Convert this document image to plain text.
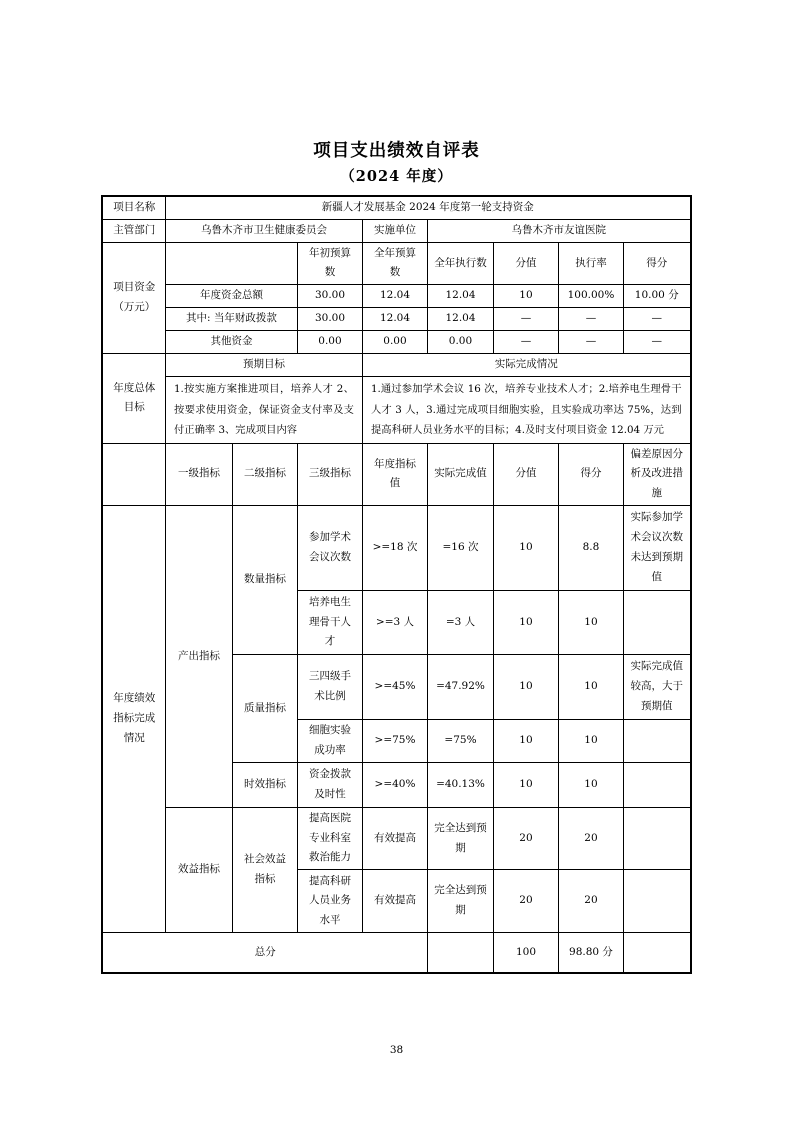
项目支出绩效自评表
（2024 年度）
项目名称	新疆人才发展基金 2024 年度第一轮支持资金							
主管部门	乌鲁木齐市卫生健康委员会			实施单位	乌鲁木齐市友谊医院			
项目资金（万元）			年初预算数	全年预算数	全年执行数	分值	执行率	得分
	年度资金总额		30.00	12.04	12.04	10	100.00%	10.00 分
	其中: 当年财政拨款		30.00	12.04	12.04	—	—	—
	其他资金		0.00	0.00	0.00	—	—	—
年度总体目标	预期目标			实际完成情况				
	1.按实施方案推进项目，培养人才 2、按要求使用资金，保证资金支付率及支付正确率 3、完成项目内容			1.通过参加学术会议 16 次，培养专业技术人才；2.培养电生理骨干人才 3 人，3.通过完成项目细胞实验，且实验成功率达 75%，达到提高科研人员业务水平的目标；4.及时支付项目资金 12.04 万元				
	一级指标	二级指标	三级指标	年度指标值	实际完成值	分值	得分	偏差原因分析及改进措施
年度绩效指标完成情况	产出指标	数量指标	参加学术会议次数	>=18 次	=16 次	10	8.8	实际参加学术会议次数未达到预期值
			培养电生理骨干人才	>=3 人	=3 人	10	10	
		质量指标	三四级手术比例	>=45%	=47.92%	10	10	实际完成值较高，大于预期值
			细胞实验成功率	>=75%	=75%	10	10	
		时效指标	资金拨款及时性	>=40%	=40.13%	10	10	
	效益指标	社会效益指标	提高医院专业科室救治能力	有效提高	完全达到预期	20	20	
			提高科研人员业务水平	有效提高	完全达到预期	20	20	
总分						100	98.80 分	
38
